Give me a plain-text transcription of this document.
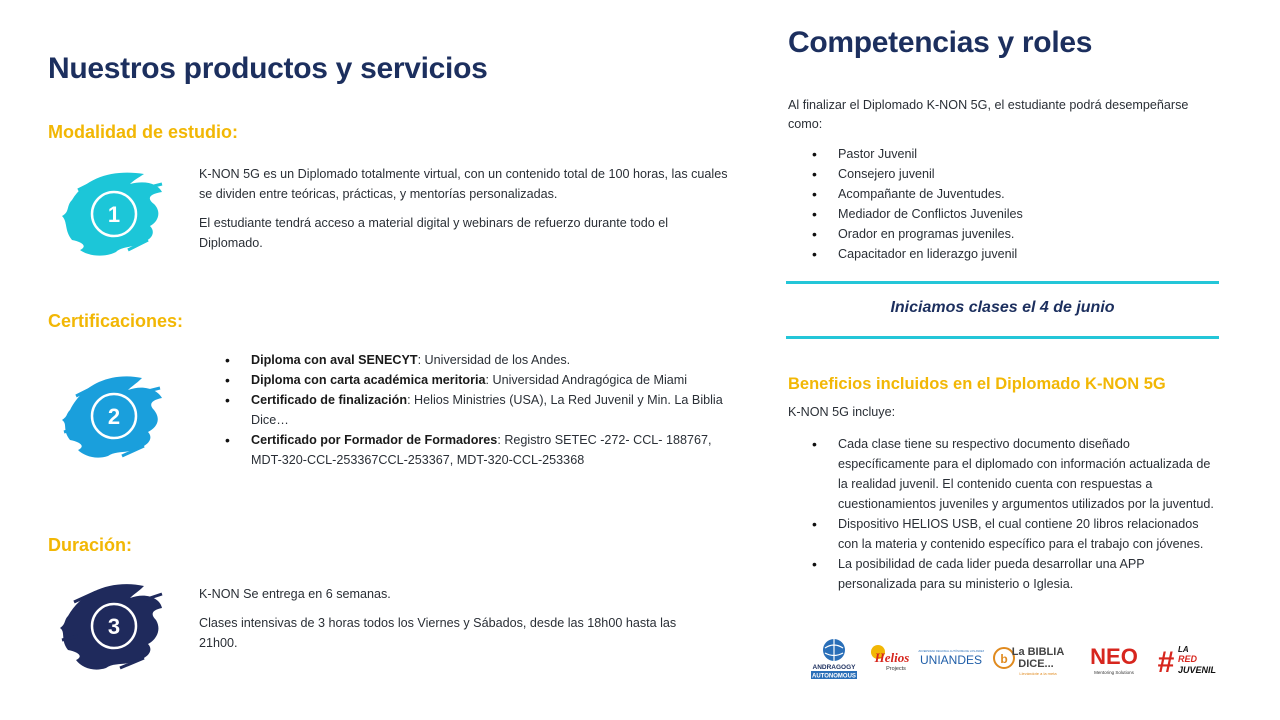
Nuestros productos y servicios
Modalidad de estudio:
1
K-NON 5G es un Diplomado totalmente virtual, con un contenido total de 100 horas, las cuales se dividen entre teóricas, prácticas, y mentorías personalizadas.
El estudiante tendrá acceso a material digital y webinars de refuerzo durante todo el Diplomado.
Certificaciones:
2
• Diploma con aval SENECYT: Universidad de los Andes.
• Diploma con carta académica meritoria: Universidad Andragógica de Miami
• Certificado de finalización: Helios Ministries (USA), La Red Juvenil y Min. La Biblia Dice…
• Certificado por Formador de Formadores: Registro SETEC -272- CCL- 188767, MDT-320-CCL-253367CCL-253367, MDT-320-CCL-253368
Duración:
3
K-NON Se entrega en 6 semanas.
Clases intensivas de 3 horas todos los Viernes y Sábados, desde las 18h00 hasta las 21h00.
Competencias y roles
Al finalizar el Diplomado K-NON 5G, el estudiante podrá desempeñarse como:
• Pastor Juvenil
• Consejero juvenil
• Acompañante de Juventudes.
• Mediador de Conflictos Juveniles
• Orador en programas juveniles.
• Capacitador en liderazgo juvenil
Iniciamos clases el 4 de junio
Beneficios incluidos en el Diplomado K-NON 5G
K-NON 5G incluye:
• Cada clase tiene su respectivo documento diseñado específicamente para el diplomado con información actualizada de la realidad juvenil. El contenido cuenta con respuestas a cuestionamientos juveniles y argumentos utilizados por la juventud.
• Dispositivo HELIOS USB, el cual contiene 20 libros relacionados con la materia y contenido específico para el trabajo con jóvenes.
• La posibilidad de cada lider pueda desarrollar una APP personalizada para su ministerio o Iglesia.
ANDRAGOGY
AUTONOMOUS
Helios
Projects
UNIVERSIDAD REGIONAL AUTÓNOMA DE LOS ANDES
UNIANDES b La BIBLIA
DICE...
Llevándote a la meta
NEO
Mentoring Solutions # LA
RED
JUVENIL
